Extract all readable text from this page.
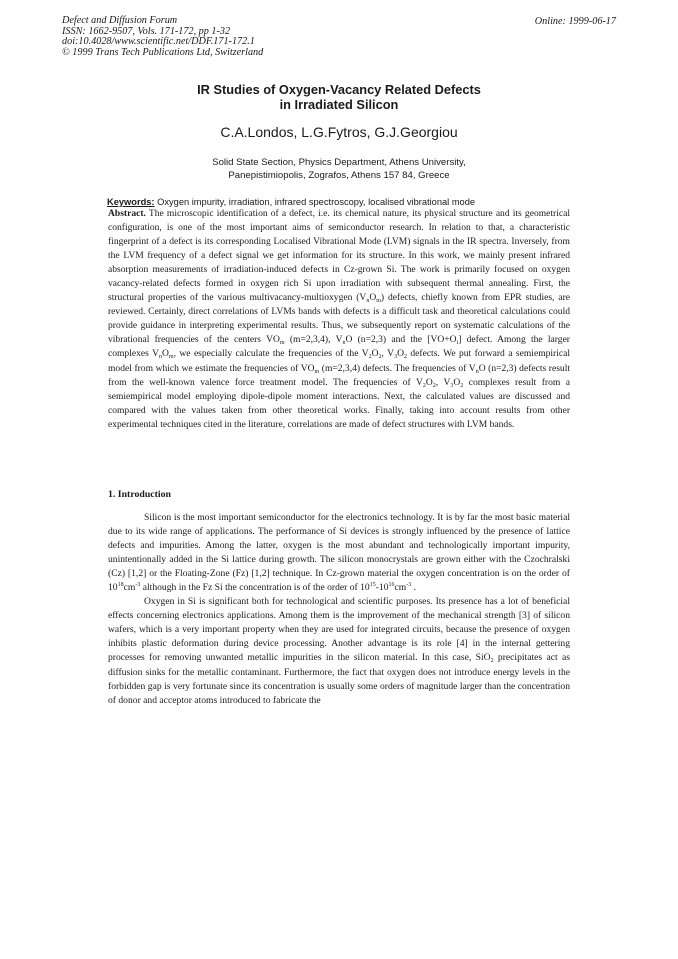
Defect and Diffusion Forum
ISSN: 1662-9507, Vols. 171-172, pp 1-32
doi:10.4028/www.scientific.net/DDF.171-172.1
© 1999 Trans Tech Publications Ltd, Switzerland
Online: 1999-06-17
IR Studies of Oxygen-Vacancy Related Defects
in Irradiated Silicon
C.A.Londos, L.G.Fytros, G.J.Georgiou
Solid State Section, Physics Department, Athens University,
Panepistimiopolis, Zografos, Athens 157 84, Greece
Keywords: Oxygen impurity, irradiation, infrared spectroscopy, localised vibrational mode
Abstract. The microscopic identification of a defect, i.e. its chemical nature, its physical structure and its geometrical configuration, is one of the most important aims of semiconductor research. In relation to that, a characteristic fingerprint of a defect is its corresponding Localised Vibrational Mode (LVM) signals in the IR spectra. Inversely, from the LVM frequency of a defect signal we get information for its structure. In this work, we mainly present infrared absorption measurements of irradiation-induced defects in Cz-grown Si. The work is primarily focused on oxygen vacancy-related defects formed in oxygen rich Si upon irradiation with subsequent thermal annealing. First, the structural properties of the various multivacancy-multioxygen $(V_nO_m)$ defects, chiefly known from EPR studies, are reviewed. Certainly, direct correlations of LVMs bands with defects is a difficult task and theoretical calculations could provide guidance in interpreting experimental results. Thus, we subsequently report on systematic calculations of the vibrational frequencies of the centers $VO_m$ (m=2,3,4), $V_nO$ (n=2,3) and the $[VO+O_i]$ defect. Among the larger complexes $V_nO_m$, we especially calculate the frequencies of the $V_2O_2$, $V_3O_2$ defects. We put forward a semiempirical model from which we estimate the frequencies of $VO_m$ (m=2,3,4) defects. The frequencies of $V_nO$ (n=2,3) defects result from the well-known valence force treatment model. The frequencies of $V_2O_2$, $V_3O_2$ complexes result from a semiempirical model employing dipole-dipole moment interactions. Next, the calculated values are discussed and compared with the values taken from other theoretical works. Finally, taking into account results from other experimental techniques cited in the literature, correlations are made of defect structures with LVM bands.
1. Introduction

Silicon is the most important semiconductor for the electronics technology. It is by far the most basic material due to its wide range of applications. The performance of Si devices is strongly influenced by the presence of lattice defects and impurities. Among the latter, oxygen is the most abundant and technologically important impurity, unintentionally added in the Si lattice during growth. The silicon monocrystals are grown either with the Czochralski (Cz) [1,2] or the Floating-Zone (Fz) [1,2] technique. In Cz-grown material the oxygen concentration is on the order of $10^{18}cm^{-3}$ although in the Fz Si the concentration is of the order of $10^{15}-10^{16}cm^{-3}$ .

Oxygen in Si is significant both for technological and scientific purposes. Its presence has a lot of beneficial effects concerning electronics applications. Among them is the improvement of the mechanical strength [3] of silicon wafers, which is a very important property when they are used for integrated circuits, because the presence of oxygen inhibits plastic deformation during device processing. Another advantage is its role [4] in the internal gettering processes for removing unwanted metallic impurities in the silicon material. In this case, SiO$_2$ precipitates act as diffusion sinks for the metallic contaminant. Furthermore, the fact that oxygen does not introduce energy levels in the forbidden gap is very fortunate since its concentration is usually some orders of magnitude larger than the concentration of donor and acceptor atoms introduced to fabricate the
